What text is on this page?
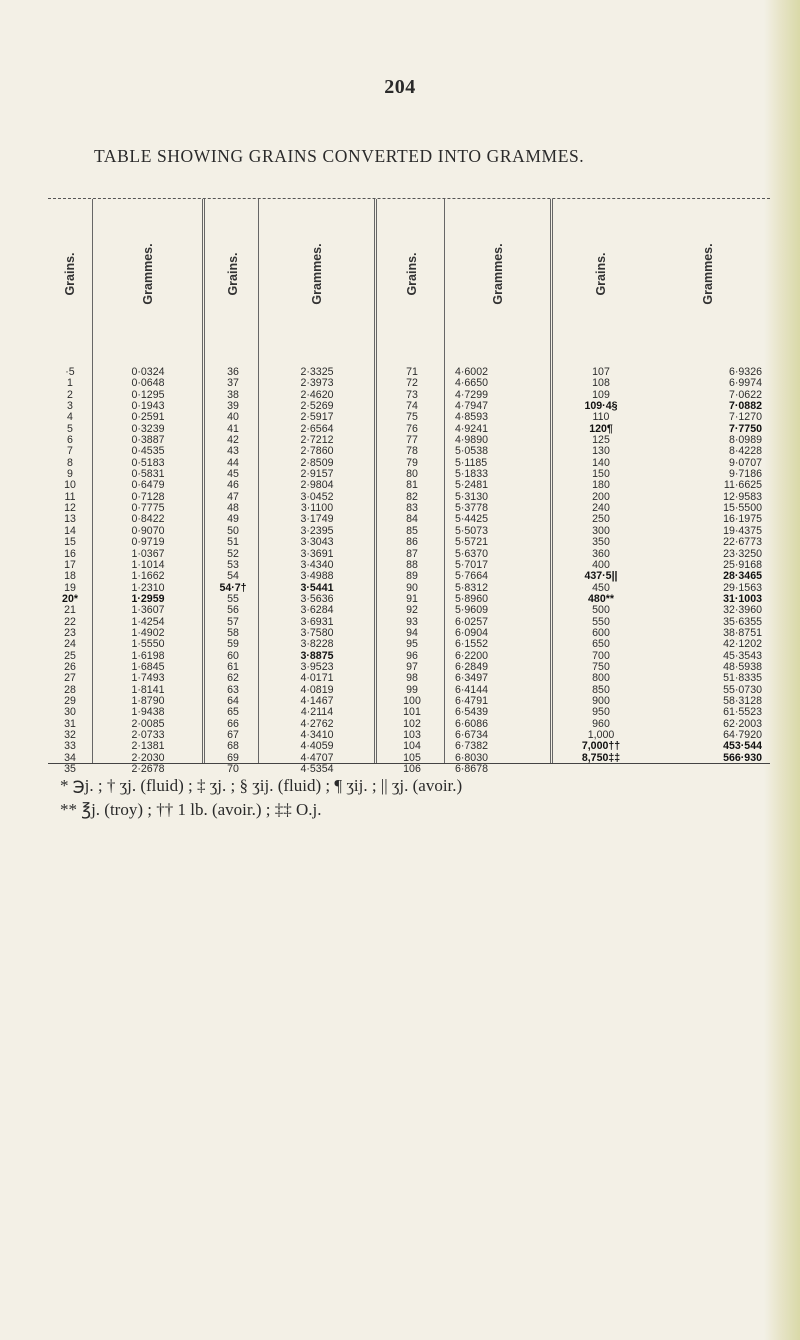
204
TABLE SHOWING GRAINS CONVERTED INTO GRAMMES.
Grains.
·5
1
2
3
4
5
6
7
8
9
10
11
12
13
14
15
16
17
18
19
20*
21
22
23
24
25
26
27
28
29
30
31
32
33
34
35
Grammes.
0·0324
0·0648
0·1295
0·1943
0·2591
0·3239
0·3887
0·4535
0·5183
0·5831
0·6479
0·7128
0·7775
0·8422
0·9070
0·9719
1·0367
1·1014
1·1662
1·2310
1·2959
1·3607
1·4254
1·4902
1·5550
1·6198
1·6845
1·7493
1·8141
1·8790
1·9438
2·0085
2·0733
2·1381
2·2030
2·2678
Grains.
36
37
38
39
40
41
42
43
44
45
46
47
48
49
50
51
52
53
54
54·7†
55
56
57
58
59
60
61
62
63
64
65
66
67
68
69
70
Grammes.
2·3325
2·3973
2·4620
2·5269
2·5917
2·6564
2·7212
2·7860
2·8509
2·9157
2·9804
3·0452
3·1100
3·1749
3·2395
3·3043
3·3691
3·4340
3·4988
3·5441
3·5636
3·6284
3·6931
3·7580
3·8228
3·8875
3·9523
4·0171
4·0819
4·1467
4·2114
4·2762
4·3410
4·4059
4·4707
4·5354
Grains.
71
72
73
74
75
76
77
78
79
80
81
82
83
84
85
86
87
88
89
90
91
92
93
94
95
96
97
98
99
100
101
102
103
104
105
106
Grammes.
4·6002
4·6650
4·7299
4·7947
4·8593
4·9241
4·9890
5·0538
5·1185
5·1833
5·2481
5·3130
5·3778
5·4425
5·5073
5·5721
5·6370
5·7017
5·7664
5·8312
5·8960
5·9609
6·0257
6·0904
6·1552
6·2200
6·2849
6·3497
6·4144
6·4791
6·5439
6·6086
6·6734
6·7382
6·8030
6·8678
Grains.
107
108
109
109·4§
110
120¶
125
130
140
150
180
200
240
250
300
350
360
400
437·5||
450
480**
500
550
600
650
700
750
800
850
900
950
960
1,000
7,000††
8,750‡‡
Grammes.
6·9326
6·9974
7·0622
7·0882
7·1270
7·7750
8·0989
8·4228
9·0707
9·7186
11·6625
12·9583
15·5500
16·1975
19·4375
22·6773
23·3250
25·9168
28·3465
29·1563
31·1003
32·3960
35·6355
38·8751
42·1202
45·3543
48·5938
51·8335
55·0730
58·3128
61·5523
62·2003
64·7920
453·544
566·930
* ℈j. ; † ʒj. (fluid) ; ‡ ʒj. ; § ʒij. (fluid) ; ¶ ʒij. ; || ʒj. (avoir.)
** ℥j. (troy) ; †† 1 lb. (avoir.) ; ‡‡ O.j.
